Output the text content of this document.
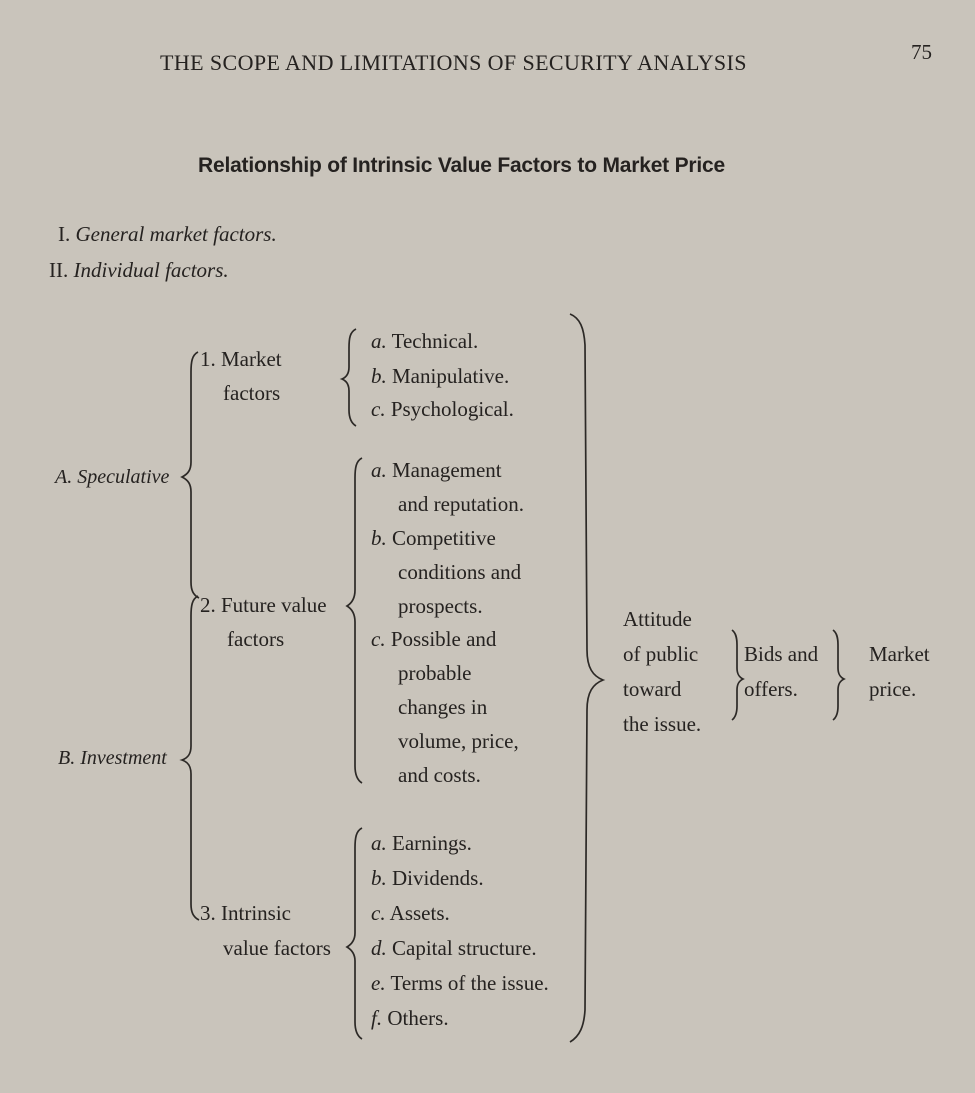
THE SCOPE AND LIMITATIONS OF SECURITY ANALYSIS	75
Relationship of Intrinsic Value Factors to Market Price
I. General market factors.
II. Individual factors.
A. Speculative
B. Investment
1. Market
factors
2. Future value
factors
3. Intrinsic
value factors
a. Technical.
b. Manipulative.
c. Psychological.
a. Management
and reputation.
b. Competitive
conditions and
prospects.
c. Possible and
probable
changes in
volume, price,
and costs.
a. Earnings.
b. Dividends.
c. Assets.
d. Capital structure.
e. Terms of the issue.
f. Others.
Attitude
of public
toward
the issue.
Bids and
offers.
Market
price.
